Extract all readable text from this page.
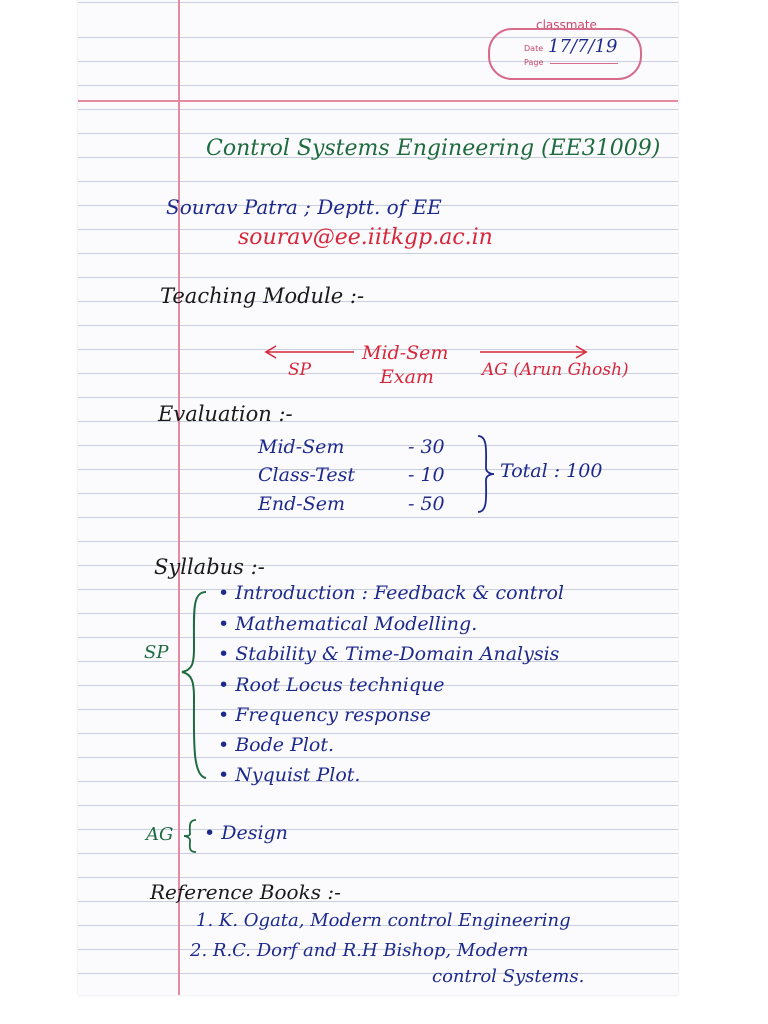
classmate
Date
Page
17/7/19
Control Systems Engineering (EE31009)
Sourav Patra ; Deptt. of EE
sourav@ee.iitkgp.ac.in
Teaching Module :-
Mid-Sem
Exam
SP	AG (Arun Ghosh)
Evaluation :-
Mid-Sem	- 30
Class-Test	- 10
End-Sem	- 50
Total : 100
Syllabus :-
SP
• Introduction : Feedback & control
• Mathematical Modelling.
• Stability & Time-Domain Analysis
• Root Locus technique
• Frequency response
• Bode Plot.
• Nyquist Plot.
AG
•	Design
Reference Books :-
1. K. Ogata, Modern control Engineering
2. R.C. Dorf and R.H Bishop, Modern
control Systems.
